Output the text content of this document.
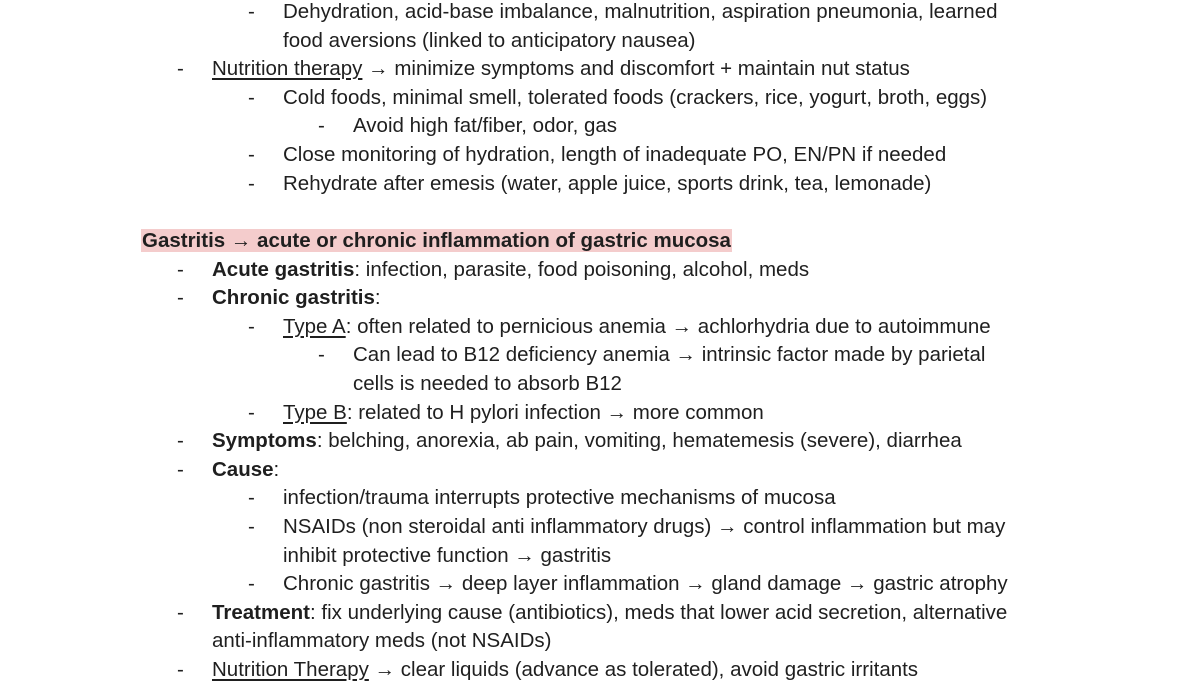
- Dehydration, acid-base imbalance, malnutrition, aspiration pneumonia, learned
food aversions (linked to anticipatory nausea)
- Nutrition therapy → minimize symptoms and discomfort + maintain nut status
- Cold foods, minimal smell, tolerated foods (crackers, rice, yogurt, broth, eggs)
- Avoid high fat/fiber, odor, gas
- Close monitoring of hydration, length of inadequate PO, EN/PN if needed
- Rehydrate after emesis (water, apple juice, sports drink, tea, lemonade)
Gastritis → acute or chronic inflammation of gastric mucosa
- Acute gastritis: infection, parasite, food poisoning, alcohol, meds
- Chronic gastritis:
- Type A: often related to pernicious anemia → achlorhydria due to autoimmune
- Can lead to B12 deficiency anemia → intrinsic factor made by parietal
cells is needed to absorb B12
- Type B: related to H pylori infection → more common
- Symptoms: belching, anorexia, ab pain, vomiting, hematemesis (severe), diarrhea
- Cause:
- infection/trauma interrupts protective mechanisms of mucosa
- NSAIDs (non steroidal anti inflammatory drugs) → control inflammation but may
inhibit protective function → gastritis
- Chronic gastritis → deep layer inflammation → gland damage → gastric atrophy
- Treatment: fix underlying cause (antibiotics), meds that lower acid secretion, alternative
anti-inflammatory meds (not NSAIDs)
- Nutrition Therapy → clear liquids (advance as tolerated), avoid gastric irritants
